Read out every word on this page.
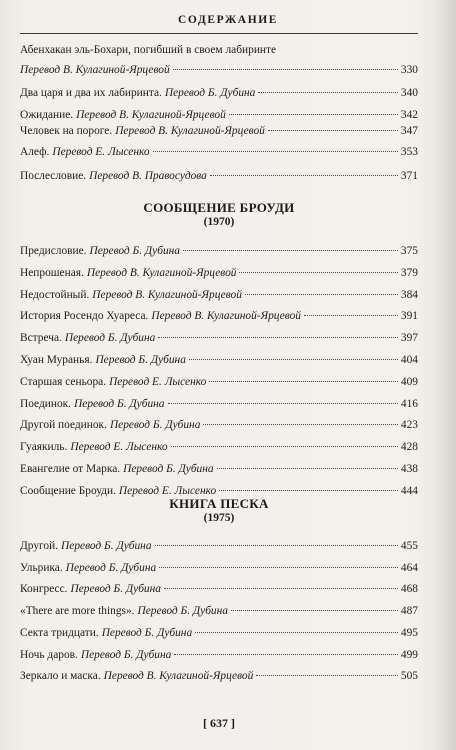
СОДЕРЖАНИЕ
Абенхакан эль-Бохари, погибший в своем лабиринте
Перевод В. Кулагиной-Ярцевой	330
Два царя и два их лабиринта. Перевод Б. Дубина	340
Ожидание. Перевод В. Кулагиной-Ярцевой	342
Человек на пороге. Перевод В. Кулагиной-Ярцевой	347
Алеф. Перевод Е. Лысенко	353
Послесловие. Перевод В. Правосудова	371
СООБЩЕНИЕ БРОУДИ
(1970)
Предисловие. Перевод Б. Дубина	375
Непрошеная. Перевод В. Кулагиной-Ярцевой	379
Недостойный. Перевод В. Кулагиной-Ярцевой	384
История Росендо Хуареса. Перевод В. Кулагиной-Ярцевой	391
Встреча. Перевод Б. Дубина	397
Хуан Муранья. Перевод Б. Дубина	404
Старшая сеньора. Перевод Е. Лысенко	409
Поединок. Перевод Б. Дубина	416
Другой поединок. Перевод Б. Дубина	423
Гуаякиль. Перевод Е. Лысенко	428
Евангелие от Марка. Перевод Б. Дубина	438
Сообщение Броуди. Перевод Е. Лысенко	444
КНИГА ПЕСКА
(1975)
Другой. Перевод Б. Дубина	455
Ульрика. Перевод Б. Дубина	464
Конгресс. Перевод Б. Дубина	468
«There are more things». Перевод Б. Дубина	487
Секта тридцати. Перевод Б. Дубина	495
Ночь даров. Перевод Б. Дубина	499
Зеркало и маска. Перевод В. Кулагиной-Ярцевой	505
[ 637 ]
